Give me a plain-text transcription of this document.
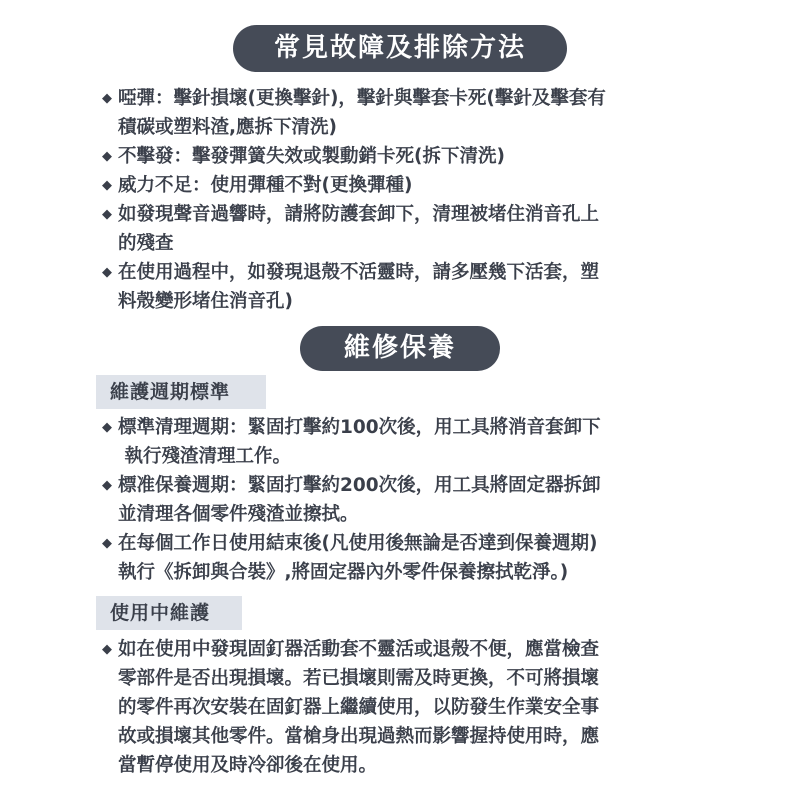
常見故障及排除方法
◆ 啞彈：擊針損壞(更換擊針)，擊針與擊套卡死(擊針及擊套有
積碳或塑料渣,應拆下清洗)
◆ 不擊發：擊發彈簧失效或製動銷卡死(拆下清洗)
◆ 威力不足：使用彈種不對(更換彈種)
◆ 如發現聲音過響時，請將防護套卸下，清理被堵住消音孔上
的殘查
◆ 在使用過程中，如發現退殼不活靈時，請多壓幾下活套，塑
料殼變形堵住消音孔)
維修保養
維護週期標準
◆ 標準清理週期：緊固打擊約100次後，用工具將消音套卸下
執行殘渣清理工作。
◆ 標准保養週期：緊固打擊約200次後，用工具將固定器拆卸
並清理各個零件殘渣並擦拭。
◆ 在每個工作日使用結束後(凡使用後無論是否達到保養週期)
執行《拆卸與合裝》,將固定器內外零件保養擦拭乾淨。)
使用中維護
◆ 如在使用中發現固釘器活動套不靈活或退殼不便，應當檢查
零部件是否出現損壞。若已損壞則需及時更換，不可將損壞
的零件再次安裝在固釘器上繼續使用，以防發生作業安全事
故或損壞其他零件。當槍身出現過熱而影響握持使用時，應
當暫停使用及時冷卻後在使用。
